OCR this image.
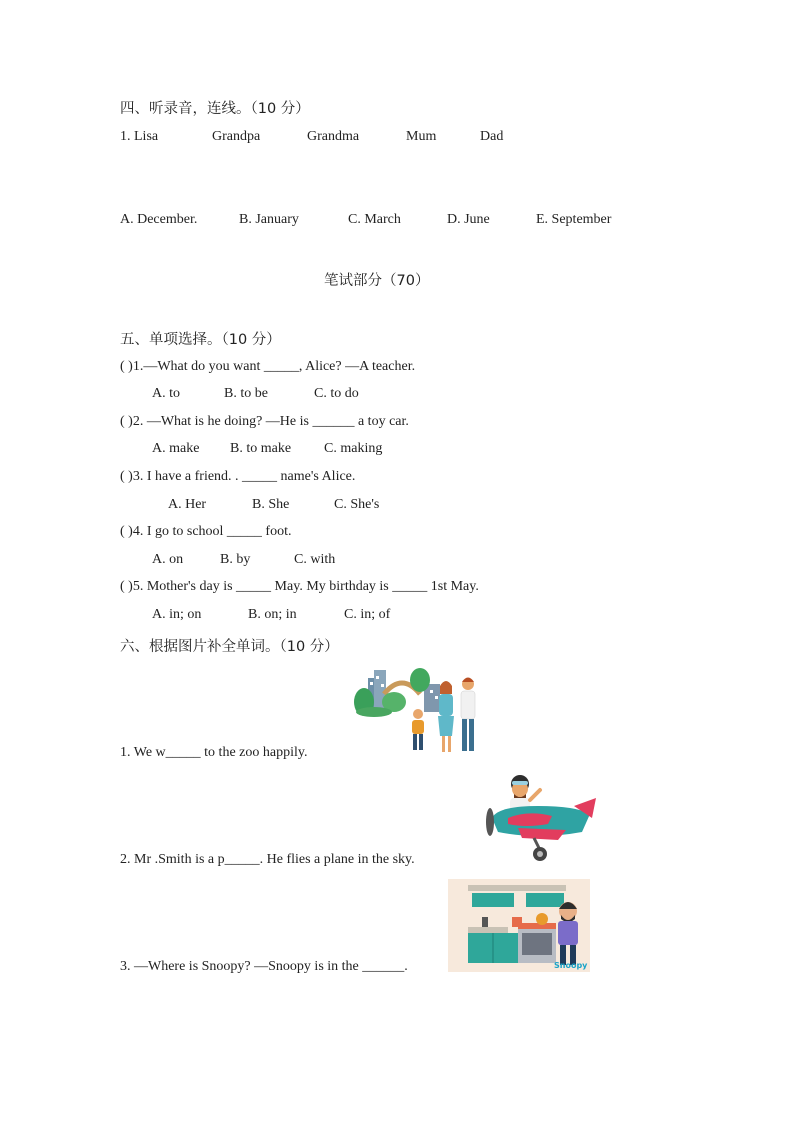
四、听录音，连线。（10 分）
1. Lisa	Grandpa	Grandma	Mum	Dad
A. December.	B. January	C. March	D. June	E. September
笔试部分（70）
五、单项选择。（10 分）
( )1.—What do you want _____, Alice? —A teacher.
A. to	B. to be	C. to do
( )2. —What is he doing? —He is ______ a toy car.
A. make B. to make C. making
( )3. I have a friend. . _____ name's Alice.
A. Her	B. She	C. She's
( )4. I go to school _____ foot.
A. on	B. by	C. with
( )5. Mother's day is _____ May. My birthday is _____ 1st May.
A. in; on	B. on; in	C. in; of
六、根据图片补全单词。（10 分）
1. We w_____ to the zoo happily.
2. Mr .Smith is a p_____. He flies a plane in the sky.
Snoopy
3. —Where is Snoopy? —Snoopy is in the ______.
